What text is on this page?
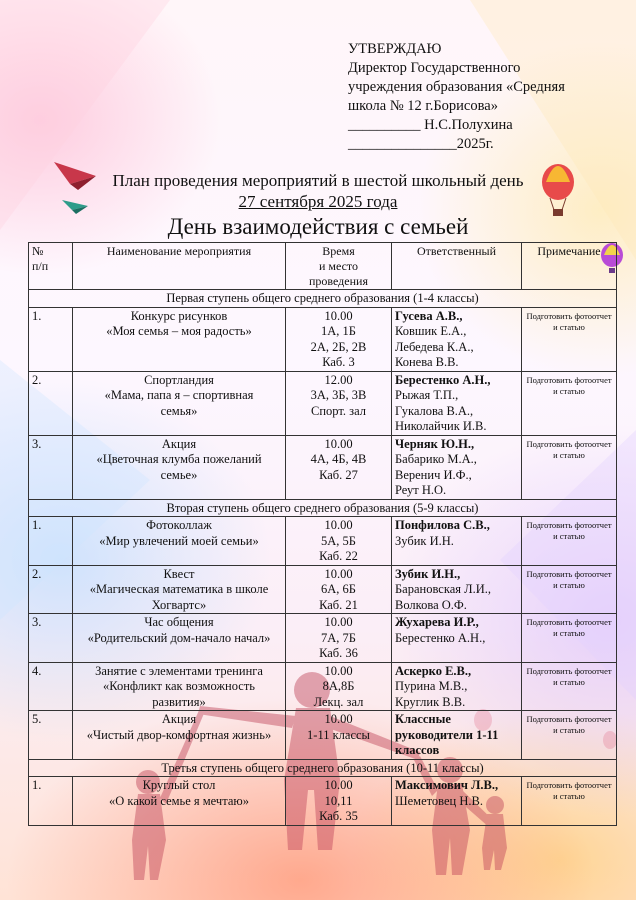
УТВЕРЖДАЮ
Директор Государственного
учреждения образования «Средняя
школа № 12 г.Борисова»
__________ Н.С.Полухина
_______________2025г.
План проведения мероприятий в шестой школьный день
27 сентября 2025 года
День взаимодействия с семьей
№
п/п	Наименование мероприятия	Время
и место
проведения	Ответственный	Примечание
Первая ступень общего среднего образования (1-4 классы)				
1.	Конкурс рисунков
«Моя семья – моя радость»	10.00
1А, 1Б
2А, 2Б, 2В
Каб. 3	Гусева А.В.,
Ковшик Е.А.,
Лебедева К.А.,
Конева В.В.	Подготовить фотоотчет и статью
2.	Спортландия
«Мама, папа я – спортивная
семья»	12.00
3А, 3Б, 3В
Спорт. зал	Берестенко А.Н.,
Рыжая Т.П.,
Гукалова В.А.,
Николайчик И.В.	Подготовить фотоотчет и статью
3.	Акция
«Цветочная клумба пожеланий
семье»	10.00
4А, 4Б, 4В
Каб. 27	Черняк Ю.Н.,
Бабарико М.А.,
Веренич И.Ф.,
Реут Н.О.	Подготовить фотоотчет и статью
Вторая ступень общего среднего образования (5-9 классы)				
1.	Фотоколлаж
«Мир увлечений моей семьи»	10.00
5А, 5Б
Каб. 22	Понфилова С.В.,
Зубик И.Н.	Подготовить фотоотчет и статью
2.	Квест
«Магическая математика в школе
Хогвартс»	10.00
6А, 6Б
Каб. 21	Зубик И.Н.,
Барановская Л.И.,
Волкова О.Ф.	Подготовить фотоотчет и статью
3.	Час общения
«Родительский дом-начало начал»	10.00
7А, 7Б
Каб. 36	Жухарева И.Р.,
Берестенко А.Н.,	Подготовить фотоотчет и статью
4.	Занятие с элементами тренинга
«Конфликт как возможность
развития»	10.00
8А,8Б
Лекц. зал	Аскерко Е.В.,
Пурина М.В.,
Круглик В.В.	Подготовить фотоотчет и статью
5.	Акция
«Чистый двор-комфортная жизнь»	10.00
1-11 классы	Классные руководители 1-11 классов	Подготовить фотоотчет и статью
Третья ступень общего среднего образования (10-11 классы)				
1.	Круглый стол
«О какой семье я мечтаю»	10.00
10,11
Каб. 35	Максимович Л.В.,
Шеметовец Н.В.	Подготовить фотоотчет и статью
